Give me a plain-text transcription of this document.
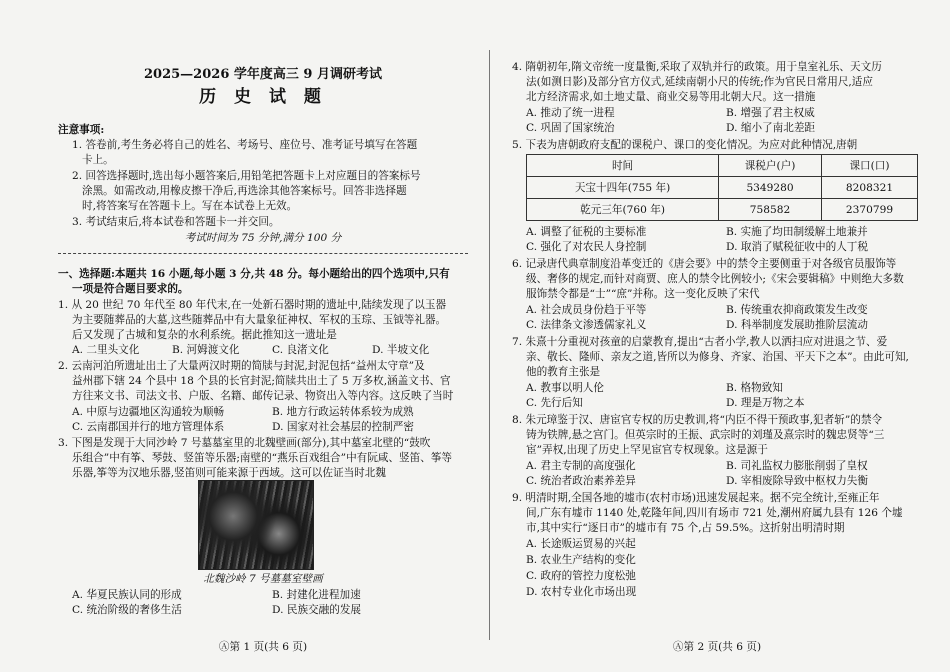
2025—2026 学年度高三 9 月调研考试
历 史 试 题
注意事项:
1. 答卷前,考生务必将自己的姓名、考场号、座位号、准考证号填写在答题
卡上。
2. 回答选择题时,选出每小题答案后,用铅笔把答题卡上对应题目的答案标号
涂黑。如需改动,用橡皮擦干净后,再选涂其他答案标号。回答非选择题
时,将答案写在答题卡上。写在本试卷上无效。
3. 考试结束后,将本试卷和答题卡一并交回。
考试时间为 75 分钟,满分 100 分
一、选择题:本题共 16 小题,每小题 3 分,共 48 分。每小题给出的四个选项中,只有
一项是符合题目要求的。
1. 从 20 世纪 70 年代至 80 年代末,在一处新石器时期的遗址中,陆续发现了以玉器
为主要随葬品的大墓,这些随葬品中有大量象征神权、军权的玉琮、玉钺等礼器。
后又发现了古城和复杂的水利系统。据此推知这一遗址是
A. 二里头文化	B. 河姆渡文化	C. 良渚文化	D. 半坡文化
2. 云南河泊所遗址出土了大量两汉时期的简牍与封泥,封泥包括“益州太守章”及
益州郡下辖 24 个县中 18 个县的长官封泥;简牍共出土了 5 万多枚,涵盖文书、官
方往来文书、司法文书、户版、名籍、邮传记录、物资出入等内容。这反映了当时
A. 中原与边疆地区沟通较为顺畅	B. 地方行政运转体系较为成熟
C. 云南郡国并行的地方管理体系	D. 国家对社会基层的控制严密
3. 下图是发现于大同沙岭 7 号墓墓室里的北魏壁画(部分),其中墓室北壁的“鼓吹
乐组合”中有筝、琴鼓、竖笛等乐器;南壁的“燕乐百戏组合”中有阮咸、竖笛、筝等
乐器,筝等为汉地乐器,竖笛则可能来源于西域。这可以佐证当时北魏
北魏沙岭 7 号墓墓室壁画
A. 华夏民族认同的形成	B. 封建化进程加速
C. 统治阶级的奢侈生活	D. 民族交融的发展
Ⓐ第 1 页(共 6 页)
4. 隋朝初年,隋文帝统一度量衡,采取了双轨并行的政策。用于皇室礼乐、天文历
法(如测日影)及部分官方仪式,延续南朝小尺的传统;作为官民日常用尺,适应
北方经济需求,如土地丈量、商业交易等用北朝大尺。这一措施
A. 推动了统一进程	B. 增强了君主权威
C. 巩固了国家统治	D. 缩小了南北差距
5. 下表为唐朝政府支配的课税户、课口的变化情况。为应对此种情况,唐朝
时间	课税户(户)	课口(口)
天宝十四年(755 年)	5349280	8208321
乾元三年(760 年)	758582	2370799
A. 调整了征税的主要标准	B. 实施了均田制缓解土地兼并
C. 强化了对农民人身控制	D. 取消了赋税征收中的人丁税
6. 记录唐代典章制度沿革变迁的《唐会要》中的禁令主要侧重于对各级官员服饰等
级、奢侈的规定,而针对商贾、庶人的禁令比例较小;《宋会要辑稿》中则绝大多数
服饰禁令都是“士”“庶”并称。这一变化反映了宋代
A. 社会成员身份趋于平等	B. 传统重农抑商政策发生改变
C. 法律条文渗透儒家礼义	D. 科举制度发展助推阶层流动
7. 朱熹十分重视对孩童的启蒙教育,提出“古者小学,教人以洒扫应对进退之节、爱
亲、敬长、隆师、亲友之道,皆所以为修身、齐家、治国、平天下之本”。由此可知,
他的教育主张是
A. 教事以明人伦	B. 格物致知
C. 先行后知	D. 理是万物之本
8. 朱元璋鉴于汉、唐宦官专权的历史教训,将“内臣不得干预政事,犯者斩”的禁令
铸为铁牌,悬之宫门。但英宗时的王振、武宗时的刘瑾及熹宗时的魏忠贤等“三
宦”弄权,出现了历史上罕见宦官专权现象。这是源于
A. 君主专制的高度强化	B. 司礼监权力膨胀削弱了皇权
C. 统治者政治素养差异	D. 宰相废除导致中枢权力失衡
9. 明清时期,全国各地的墟市(农村市场)迅速发展起来。据不完全统计,至雍正年
间,广东有墟市 1140 处,乾隆年间,四川有场市 721 处,潮州府属九县有 126 个墟
市,其中实行“逐日市”的墟市有 75 个,占 59.5%。这折射出明清时期
A. 长途贩运贸易的兴起
B. 农业生产结构的变化
C. 政府的管控力度松弛
D. 农村专业化市场出现
Ⓐ第 2 页(共 6 页)
